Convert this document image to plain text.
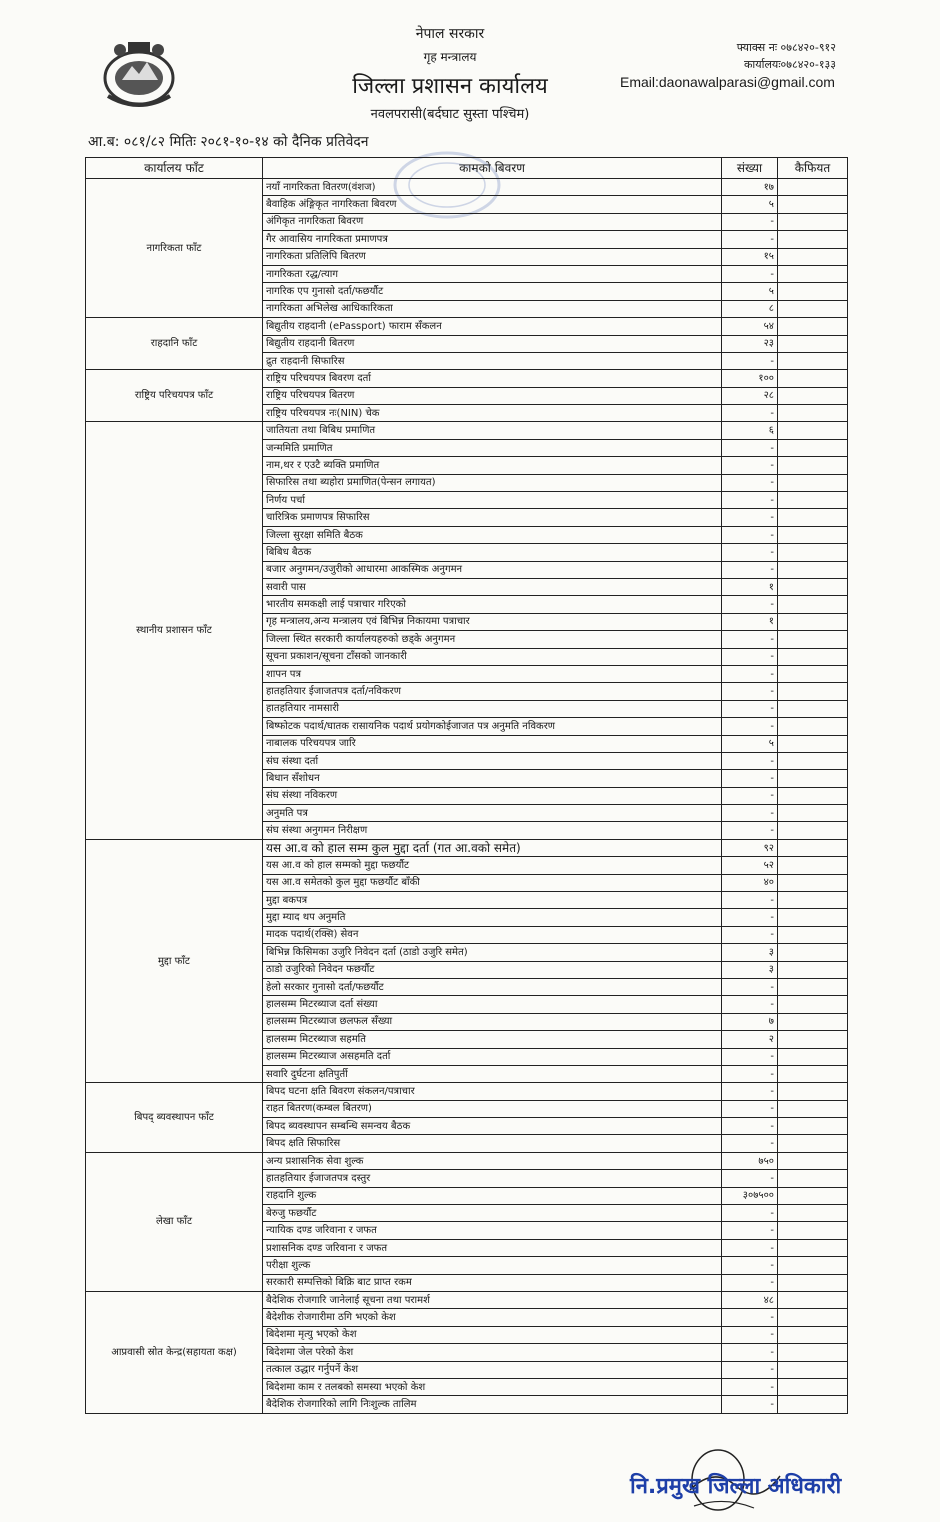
नेपाल सरकार
गृह मन्त्रालय
जिल्ला प्रशासन कार्यालय
नवलपरासी(बर्दघाट सुस्ता पश्चिम)
फ्याक्स नः ०७८४२०-९१२
कार्यालयः०७८४२०-१३३
Email:daonawalparasi@gmail.com
आ.ब: ०८१/८२ मितिः २०८१-१०-१४ को दैनिक प्रतिवेदन
कार्यालय फाँट	कामको बिवरण	संख्या	कैफियत
नागरिकता फाँट	नयाँ नागरिकता वितरण(वंशज)	१७	
	बैवाहिक अंङ्गिकृत नागरिकता बिवरण	५	
	अंगिकृत नागरिकता बिवरण	-	
	गैर आवासिय नागरिकता प्रमाणपत्र	-	
	नागरिकता प्रतिलिपि बितरण	१५	
	नागरिकता रद्ध/त्याग	-	
	नागरिक एप गुनासो दर्ता/फछर्यौट	५	
	नागरिकता अभिलेख आधिकारिकता	८	
राहदानि फाँट	बिद्युतीय राहदानी (ePassport) फाराम सँकलन	५४	
	बिद्युतीय राहदानी बितरण	२३	
	द्रुत राहदानी सिफारिस	-	
राष्ट्रिय परिचयपत्र फाँट	राष्ट्रिय परिचयपत्र बिवरण दर्ता	१००	
	राष्ट्रिय परिचयपत्र बितरण	२८	
	राष्ट्रिय परिचयपत्र नः(NIN) चेक	-	
स्थानीय प्रशासन फाँट	जातियता तथा बिबिध प्रमाणित	६	
	जन्ममिति प्रमाणित	-	
	नाम,थर र एउटै ब्यक्ति प्रमाणित	-	
	सिफारिस तथा ब्यहोरा प्रमाणित(पेन्सन लगायत)	-	
	निर्णय पर्चा	-	
	चारित्रिक प्रमाणपत्र सिफारिस	-	
	जिल्ला सुरक्षा समिति बैठक	-	
	बिबिध बैठक	-	
	बजार अनुगमन/उजुरीको आधारमा आकस्मिक अनुगमन	-	
	सवारी पास	१	
	भारतीय समकक्षी लाई पत्राचार गरिएको	-	
	गृह मन्त्रालय,अन्य मन्त्रालय एवं बिभिन्न निकायमा पत्राचार	१	
	जिल्ला स्थित सरकारी कार्यालयहरुको छड्के अनुगमन	-	
	सूचना प्रकाशन/सूचना टाँसको जानकारी	-	
	शापन पत्र	-	
	हातहतियार ईजाजतपत्र दर्ता/नविकरण	-	
	हातहतियार नामसारी	-	
	बिष्फोटक पदार्थ/घातक रासायनिक पदार्थ प्रयोगकोईजाजत पत्र अनुमति नविकरण	-	
	नाबालक परिचयपत्र जारि	५	
	संघ संस्था दर्ता	-	
	बिधान सँशोधन	-	
	संघ संस्था नविकरण	-	
	अनुमति पत्र	-	
	संघ संस्था अनुगमन निरीक्षण	-	
मुद्दा फाँट	यस आ.व को हाल सम्म कुल मुद्दा दर्ता (गत आ.वको समेत)	९२	
	यस आ.व को हाल सम्मको मुद्दा फछर्यौट	५२	
	यस आ.व समेतको कुल मुद्दा फछर्यौट बाँकी	४०	
	मुद्दा बकपत्र	-	
	मुद्दा म्याद थप अनुमति	-	
	मादक पदार्थ(रक्सि) सेवन	-	
	बिभिन्न किसिमका उजुरि निवेदन दर्ता (ठाडो उजुरि समेत)	३	
	ठाडो उजुरिको निवेदन फछर्यौट	३	
	हेलो सरकार गुनासो दर्ता/फछर्यौट	-	
	हालसम्म मिटरब्याज दर्ता संख्या	-	
	हालसम्म मिटरब्याज छलफल सँख्या	७	
	हालसम्म मिटरब्याज सहमति	२	
	हालसम्म मिटरब्याज असहमति दर्ता	-	
	सवारि दुर्घटना क्षतिपुर्ती	-	
बिपद् ब्यवस्थापन फाँट	बिपद घटना क्षति बिवरण संकलन/पत्राचार	-	
	राहत बितरण(कम्बल बितरण)	-	
	बिपद ब्यवस्थापन सम्बन्धि समन्वय बैठक	-	
	बिपद क्षति सिफारिस	-	
लेखा फाँट	अन्य प्रशासनिक सेवा शुल्क	७५०	
	हातहतियार ईजाजतपत्र दस्तुर	-	
	राहदानि शुल्क	३०७५००	
	बेरुजु फछर्यौट	-	
	न्यायिक दण्ड जरिवाना र जफत	-	
	प्रशासनिक दण्ड जरिवाना र जफत	-	
	परीक्षा शुल्क	-	
	सरकारी सम्पत्तिको बिक्रि बाट प्राप्त रकम	-	
आप्रवासी स्रोत केन्द्र(सहायता कक्ष)	बैदेशिक रोजगारि जानेलाई सूचना तथा परामर्श	४८	
	बैदेशीक रोजगारीमा ठगि भएको केश	-	
	बिदेशमा मृत्यु भएको केश	-	
	बिदेशमा जेल परेको केश	-	
	तत्काल उद्धार गर्नुपर्ने केश	-	
	बिदेशमा काम र तलबको समस्या भएको केश	-	
	बैदेशिक रोजगारिको लागि निःशुल्क तालिम	-	
नि.प्रमुख जिल्ला अधिकारी
